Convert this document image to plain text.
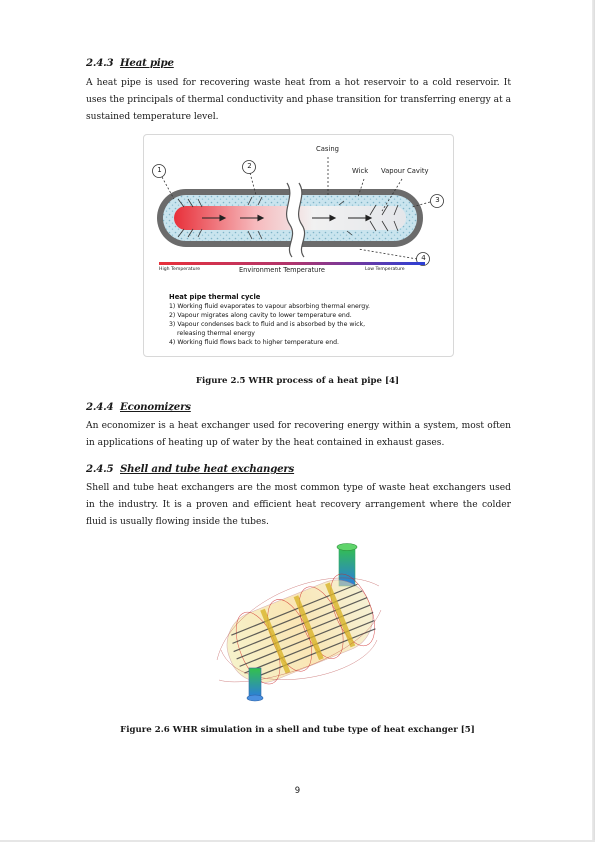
2.4.3 Heat pipe
A heat pipe is used for recovering waste heat from a hot reservoir to a cold reservoir. It
uses the principals of thermal conductivity and phase transition for transferring energy at a
sustained temperature level.
Casing
Wick Vapour Cavity
1	2
3
4
High Temperature	Environment Temperature	Low Temperature
Heat pipe thermal cycle
1) Working fluid evaporates to vapour absorbing thermal energy.
2) Vapour migrates along cavity to lower temperature end.
3) Vapour condenses back to fluid and is absorbed by the wick,
releasing thermal energy
4) Working fluid flows back to higher temperature end.
Figure 2.5 WHR process of a heat pipe [4]
2.4.4 Economizers
An economizer is a heat exchanger used for recovering energy within a system, most often
in applications of heating up of water by the heat contained in exhaust gases.
2.4.5 Shell and tube heat exchangers
Shell and tube heat exchangers are the most common type of waste heat exchangers used
in the industry. It is a proven and efficient heat recovery arrangement where the colder
fluid is usually flowing inside the tubes.
Figure 2.6 WHR simulation in a shell and tube type of heat exchanger [5]
9
